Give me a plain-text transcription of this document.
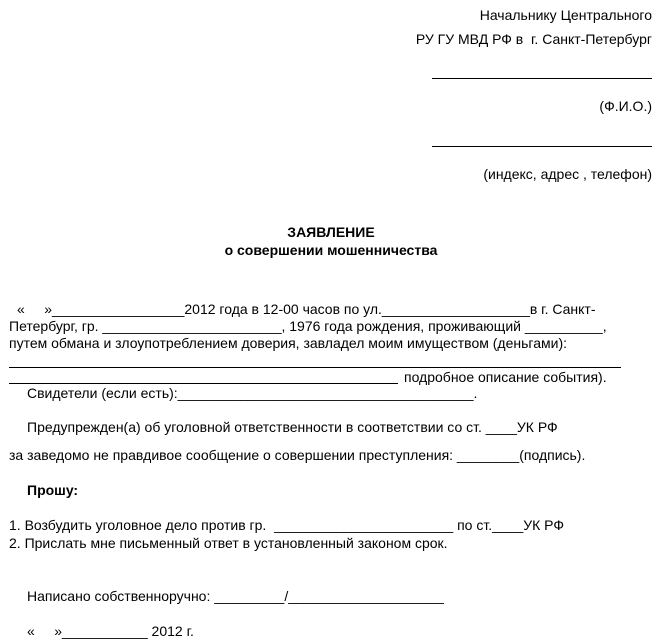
Начальнику Центрального
РУ ГУ МВД РФ в  г. Санкт-Петербург
(Ф.И.О.)
(индекс, адрес , телефон)
ЗАЯВЛЕНИЕ
о совершении мошенничества
«     »_________________2012 года в 12-00 часов по ул.___________________в г. Санкт-
Петербург, гр. _______________________, 1976 года рождения, проживающий __________,
путем обмана и злоупотреблением доверия, завладел моим имуществом (деньгами):
подробное описание события).
Свидетели (если есть):______________________________________.
Предупрежден(а) об уголовной ответственности в соответствии со ст. ____УК РФ
за заведомо не правдивое сообщение о совершении преступления: ________(подпись).
Прошу:
1. Возбудить уголовное дело против гр.  _______________________ по ст.____УК РФ
2. Прислать мне письменный ответ в установленный законом срок.
Написано собственноручно: _________/____________________
«     »___________ 2012 г.
